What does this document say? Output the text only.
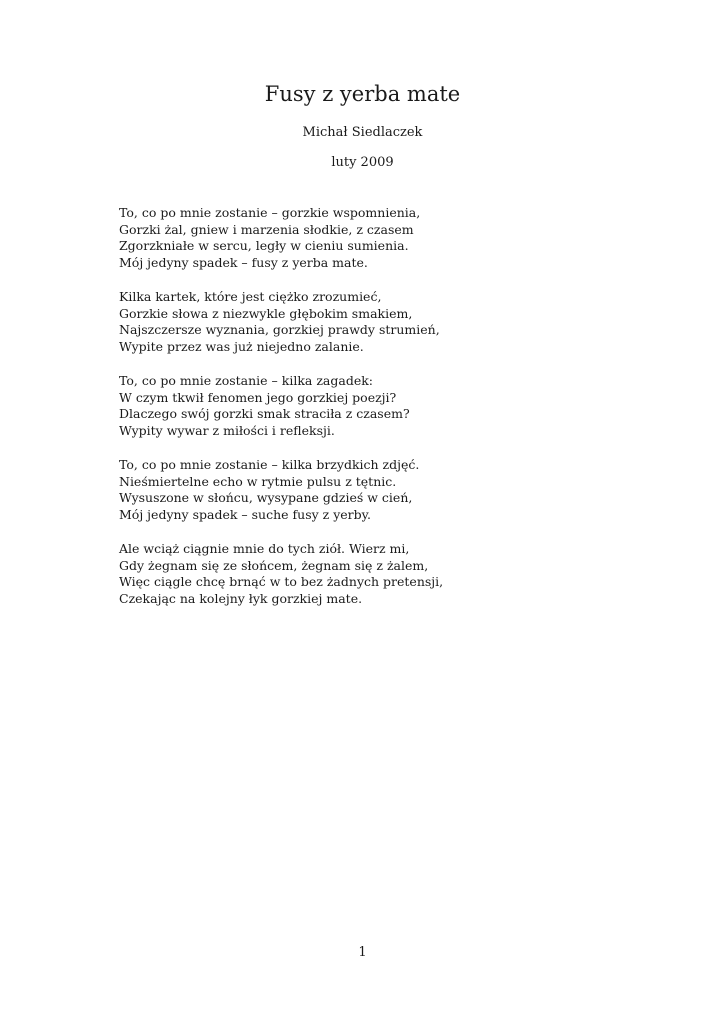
Fusy z yerba mate
Michał Siedlaczek
luty 2009
To, co po mnie zostanie – gorzkie wspomnienia,
Gorzki żal, gniew i marzenia słodkie, z czasem
Zgorzkniałe w sercu, legły w cieniu sumienia.
Mój jedyny spadek – fusy z yerba mate.
Kilka kartek, które jest ciężko zrozumieć,
Gorzkie słowa z niezwykle głębokim smakiem,
Najszczersze wyznania, gorzkiej prawdy strumień,
Wypite przez was już niejedno zalanie.
To, co po mnie zostanie – kilka zagadek:
W czym tkwił fenomen jego gorzkiej poezji?
Dlaczego swój gorzki smak straciła z czasem?
Wypity wywar z miłości i refleksji.
To, co po mnie zostanie – kilka brzydkich zdjęć.
Nieśmiertelne echo w rytmie pulsu z tętnic.
Wysuszone w słońcu, wysypane gdzieś w cień,
Mój jedyny spadek – suche fusy z yerby.
Ale wciąż ciągnie mnie do tych ziół. Wierz mi,
Gdy żegnam się ze słońcem, żegnam się z żalem,
Więc ciągle chcę brnąć w to bez żadnych pretensji,
Czekając na kolejny łyk gorzkiej mate.
1
